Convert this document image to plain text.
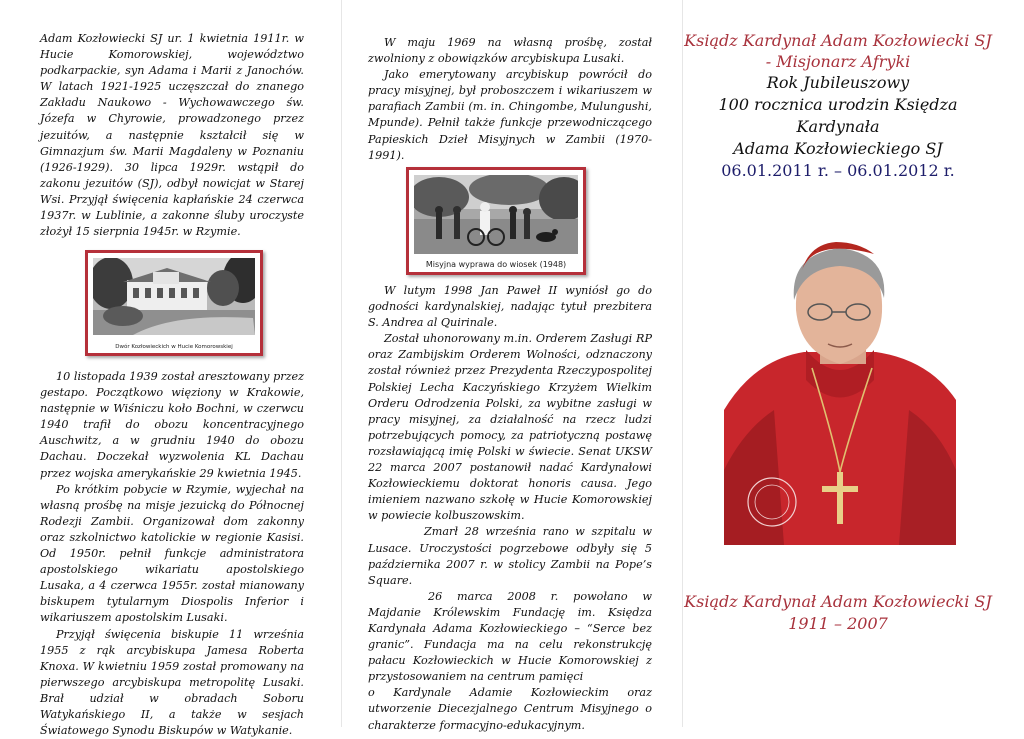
Adam Kozłowiecki SJ ur. 1 kwietnia 1911r. w Hucie Komorowskiej, województwo podkarpackie, syn Adama i Marii z Janochów. W latach 1921-1925 uczęszczał do znanego Zakładu Naukowo - Wychowawczego św. Józefa w Chyrowie, prowadzonego przez jezuitów, a następnie kształcił się w Gimnazjum św. Marii Magdaleny w Poznaniu (1926-1929). 30 lipca 1929r. wstąpił do zakonu jezuitów (SJ), odbył nowicjat w Starej Wsi. Przyjął święcenia kapłańskie 24 czerwca 1937r. w Lublinie, a zakonne śluby uroczyste złożył 15 sierpnia 1945r. w Rzymie.

Dwór Kozłowieckich w Hucie Komorowskiej

10 listopada 1939 został aresztowany przez gestapo. Początkowo więziony w Krakowie, następnie w Wiśniczu koło Bochni, w czerwcu 1940 trafił do obozu koncentracyjnego Auschwitz, a w grudniu 1940 do obozu Dachau. Doczekał wyzwolenia KL Dachau przez wojska amerykańskie 29 kwietnia 1945.

Po krótkim pobycie w Rzymie, wyjechał na własną prośbę na misje jezuicką do Północnej Rodezji Zambii. Organizował dom zakonny oraz szkolnictwo katolickie w regionie Kasisi. Od 1950r. pełnił funkcje administratora apostolskiego wikariatu apostolskiego Lusaka, a 4 czerwca 1955r. został mianowany biskupem tytularnym Diospolis Inferior i wikariuszem apostolskim Lusaki.

Przyjął święcenia biskupie 11 września 1955 z rąk arcybiskupa Jamesa Roberta Knoxa. W kwietniu 1959 został promowany na pierwszego arcybiskupa metropolitę Lusaki. Brał udział w obradach Soboru Watykańskiego II, a także w sesjach Światowego Synodu Biskupów w Watykanie.

W maju 1969 na własną prośbę, został zwolniony z obowiązków arcybiskupa Lusaki.

Jako emerytowany arcybiskup powrócił do pracy misyjnej, był proboszczem i wikariuszem w parafiach Zambii (m. in. Chingombe, Mulungushi, Mpunde). Pełnił także funkcje przewodniczącego Papieskich Dzieł Misyjnych w Zambii (1970-1991).

Misyjna wyprawa do wiosek (1948)

W lutym 1998 Jan Paweł II wyniósł go do godności kardynalskiej, nadając tytuł prezbitera S. Andrea al Quirinale.

Został uhonorowany m.in. Orderem Zasługi RP oraz Zambijskim Orderem Wolności, odznaczony został również przez Prezydenta Rzeczypospolitej Polskiej Lecha Kaczyńskiego Krzyżem Wielkim Orderu Odrodzenia Polski, za wybitne zasługi w pracy misyjnej, za działalność na rzecz ludzi potrzebujących pomocy, za patriotyczną postawę rozsławiającą imię Polski w świecie. Senat UKSW 22 marca 2007 postanowił nadać Kardynałowi Kozłowieckiemu doktorat honoris causa. Jego imieniem nazwano szkołę w Hucie Komorowskiej w powiecie kolbuszowskim.

Zmarł 28 września rano w szpitalu w Lusace. Uroczystości pogrzebowe odbyły się 5 października 2007 r. w stolicy Zambii na Pope’s Square.

26 marca 2008 r. powołano w Majdanie Królewskim Fundację im. Księdza Kardynała Adama Kozłowieckiego – “Serce bez granic”. Fundacja ma na celu rekonstrukcję pałacu Kozłowieckich w Hucie Komorowskiej z przystosowaniem na centrum pamięci

o Kardynale Adamie Kozłowieckim oraz utworzenie Diecezjalnego Centrum Misyjnego o charakterze formacyjno-edukacyjnym.

Ksiądz Kardynał Adam Kozłowiecki SJ
- Misjonarz Afryki
Rok Jubileuszowy
100 rocznica urodzin Księdza Kardynała
Adama Kozłowieckiego SJ
06.01.2011 r. – 06.01.2012 r.
Ksiądz Kardynał Adam Kozłowiecki SJ
1911 – 2007
